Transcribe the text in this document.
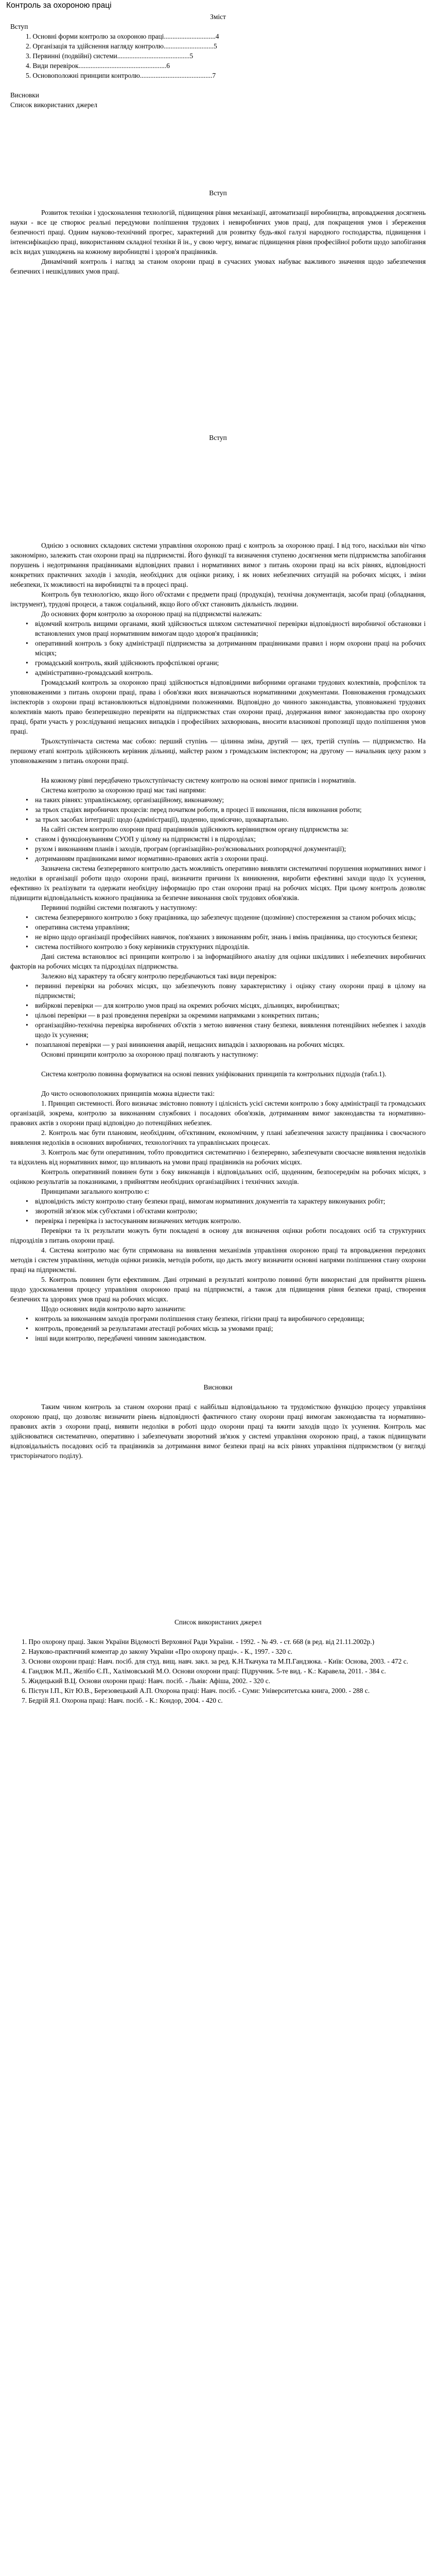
Контроль за охороною праці
Зміст
Вступ
1. Основні форми контролю за охороною праці..............................4
2. Організація та здійснення нагляду контролю.............................5
3. Первинні (подвійні) системи..........................................5
4. Види перевірок...................................................6
5. Основоположні принципи контролю..........................................7
Висновки
Список використаних джерел
Вступ

Розвиток техніки і удосконалення технологій, підвищення рівня механізації, автоматизації виробництва, впровадження досягнень науки - все це створює реальні передумови поліпшення трудових і невиробничих умов праці, для покращення умов і збереження безпечності праці. Одним науково-технічний прогрес, характерний для розвитку будь-якої галузі народного господарства, підвищення і інтенсифікацією праці, використанням складної техніки й ін., у свою чергу, вимагає підвищення рівня професійної роботи щодо запобігання всіх видах ушкоджень на кожному виробництві і здоров'я працівників.

Динамічний контроль і нагляд за станом охорони праці в сучасних умовах набуває важливого значення щодо забезпечення безпечних і нешкідливих умов праці.

Вступ

Однією з основних складових системи управління охороною праці є контроль за охороною праці. І від того, наскільки він чітко закономірно, залежить стан охорони праці на підприємстві. Його функції та визначення ступеню досягнення мети підприємства запобігання порушень і недотримання працівниками відповідних правил і нормативних вимог з питань охорони праці на всіх рівнях, відповідності конкретних практичних заходів і заходів, необхідних для оцінки ризику, і як нових небезпечних ситуацій на робочих місцях, і зміни небезпеки, їх можливості на виробництві та в процесі праці.

Контроль був технологією, якщо його об'єктами є предмети праці (продукція), технічна документація, засоби праці (обладнання, інструмент), трудові процеси, а також соціальний, якщо його об'єкт становить діяльність людини.

До основних форм контролю за охороною праці на підприємстві належать:

• відомчий контроль вищими органами, який здійснюється шляхом систематичної перевірки відповідності виробничої обстановки і встановлених умов праці нормативним вимогам щодо здоров'я працівників;
• оперативний контроль з боку адміністрації підприємства за дотриманням працівниками правил і норм охорони праці на робочих місцях;
• громадський контроль, який здійснюють профспілкові органи;
• адміністративно-громадський контроль.

Громадський контроль за охороною праці здійснюється відповідними виборними органами трудових колективів, профспілок та уповноваженими з питань охорони праці, права і обов'язки яких визначаються нормативними документами. Повноваження громадських інспекторів з охорони праці встановлюються відповідними положеннями. Відповідно до чинного законодавства, уповноважені трудових колективів мають право безперешкодно перевіряти на підприємствах стан охорони праці, додержання вимог законодавства про охорону праці, брати участь у розслідуванні нещасних випадків і професійних захворювань, вносити власникові пропозиції щодо поліпшення умов праці.

Трьохступінчаста система має собою: перший ступінь — цілинна зміна, другий — цех, третій ступінь — підприємство. На першому етапі контроль здійснюють керівник дільниці, майстер разом з громадським інспектором; на другому — начальник цеху разом з уповноваженим з питань охорони праці.

На кожному рівні передбачено трьохступінчасту систему контролю на основі вимог приписів і нормативів.

Система контролю за охороною праці має такі напрями:

• на таких рівнях: управлінському, організаційному, виконавчому;
• за трьох стадіях виробничих процесів: перед початком роботи, в процесі її виконання, після виконання роботи;
• за трьох засобах інтеграції: щодо (адміністрації), щоденно, щомісячно, щоквартально.

На сайті систем контролю охорони праці працівників здійснюють керівництвом органу підприємства за:

• станом і функціонуванням СУОП у цілому на підприємстві і в підрозділах;
• рухом і виконанням планів і заходів, програм (організаційно-роз'яснювальних розпорядчої документації);
• дотриманням працівниками вимог нормативно-правових актів з охорони праці.

Зазначена система безперервного контролю дасть можливість оперативно виявляти систематичні порушення нормативних вимог і недоліки в організації роботи щодо охорони праці, визначити причини їх виникнення, виробити ефективні заходи щодо їх усунення, ефективно їх реалізувати та одержати необхідну інформацію про стан охорони праці на робочих місцях. При цьому контроль дозволяє підвищити відповідальність кожного працівника за безпечне виконання своїх трудових обов'язків.

Первинні подвійні системи полягають у наступному:

• система безперервного контролю з боку працівника, що забезпечує щоденне (щозмінне) спостереження за станом робочих місць;
• оперативна система управління;
• не вірно щодо організації професійних навичок, пов'язаних з виконанням робіт, знань і вмінь працівника, що стосуються безпеки;
• система постійного контролю з боку керівників структурних підрозділів.

Дані система встановлює всі принципи контролю і за інформаційного аналізу для оцінки шкідливих і небезпечних виробничих факторів на робочих місцях та підрозділах підприємства.

Залежно від характеру та обсягу контролю передбачаються такі види перевірок:

• первинні перевірки на робочих місцях, що забезпечують повну характеристику і оцінку стану охорони праці в цілому на підприємстві;
• вибіркові перевірки — для контролю умов праці на окремих робочих місцях, дільницях, виробництвах;
• цільові перевірки — в разі проведення перевірки за окремими напрямками з конкретних питань;
• організаційно-технічна перевірка виробничих об'єктів з метою вивчення стану безпеки, виявлення потенційних небезпек і заходів щодо їх усунення;
• позапланові перевірки — у разі виникнення аварій, нещасних випадків і захворювань на робочих місцях.

Основні принципи контролю за охороною праці полягають у наступному:

Система контролю повинна формуватися на основі певних уніфікованих принципів та контрольних підходів (табл.1).

До чисто основоположних принципів можна віднести такі:

1. Принцип системності. Його визначає змістовно повноту і цілісність усієї системи контролю з боку адміністрації та громадських організацій, зокрема, контролю за виконанням службових і посадових обов'язків, дотриманням вимог законодавства та нормативно-правових актів з охорони праці відповідно до потенційних небезпек.

2. Контроль має бути плановим, необхідним, об'єктивним, економічним, у плані забезпечення захисту працівника і своєчасного виявлення недоліків в основних виробничих, технологічних та управлінських процесах.

3. Контроль має бути оперативним, тобто проводитися систематично і безперервно, забезпечувати своєчасне виявлення недоліків та відхилень від нормативних вимог, що впливають на умови праці працівників на робочих місцях.

Контроль оперативний повинен бути з боку виконавців і відповідальних осіб, щоденним, безпосереднім на робочих місцях, з оцінкою результатів за показниками, з прийняттям необхідних організаційних і технічних заходів.

Принципами загального контролю є:

• відповідність змісту контролю стану безпеки праці, вимогам нормативних документів та характеру виконуваних робіт;
• зворотній зв'язок між суб'єктами і об'єктами контролю;
• перевірка і перевірка із застосуванням визначених методик контролю.

Перевірки та їх результати можуть бути покладені в основу для визначення оцінки роботи посадових осіб та структурних підрозділів з питань охорони праці.

4. Система контролю має бути спрямована на виявлення механізмів управління охороною праці та впровадження передових методів і систем управління, методів оцінки ризиків, методів роботи, що дасть змогу визначити основні напрями поліпшення стану охорони праці на підприємстві.

5. Контроль повинен бути ефективним. Дані отримані в результаті контролю повинні бути використані для прийняття рішень щодо удосконалення процесу управління охороною праці на підприємстві, а також для підвищення рівня безпеки праці, створення безпечних та здорових умов праці на робочих місцях.

Щодо основних видів контролю варто зазначити:

• контроль за виконанням заходів програми поліпшення стану безпеки, гігієни праці та виробничого середовища;
• контроль, проведений за результатами атестації робочих місць за умовами праці;
• інші види контролю, передбачені чинним законодавством.
Висновки

Таким чином контроль за станом охорони праці є найбільш відповідальною та трудомісткою функцією процесу управління охороною праці, що дозволяє визначити рівень відповідності фактичного стану охорони праці вимогам законодавства та нормативно-правових актів з охорони праці, виявити недоліки в роботі щодо охорони праці та вжити заходів щодо їх усунення. Контроль має здійснюватися систематично, оперативно і забезпечувати зворотний зв'язок у системі управління охороною праці, а також підвищувати відповідальність посадових осіб та працівників за дотримання вимог безпеки праці на всіх рівнях управління підприємством (у вигляді тристорінчатого поділу).

Список використаних джерел
1. Про охорону праці. Закон України Відомості Верховної Ради України. - 1992. - № 49. - ст. 668 (в ред. від 21.11.2002р.)
2. Науково-практичний коментар до закону України «Про охорону праці». - К., 1997. - 320 с.
3. Основи охорони праці: Навч. посіб. для студ. вищ. навч. закл. за ред. К.Н.Ткачука та М.П.Гандзюка. - Київ: Основа, 2003. - 472 с.
4. Гандзюк М.П., Желібо Є.П., Халімовський М.О. Основи охорони праці: Підручник. 5-те вид. - К.: Каравела, 2011. - 384 с.
5. Жидецький В.Ц. Основи охорони праці: Навч. посіб. - Львів: Афіша, 2002. - 320 с.
6. Пістун І.П., Кіт Ю.В., Березовецький А.П. Охорона праці: Навч. посіб. - Суми: Університетська книга, 2000. - 288 с.
7. Бедрій Я.І. Охорона праці: Навч. посіб. - К.: Кондор, 2004. - 420 с.
